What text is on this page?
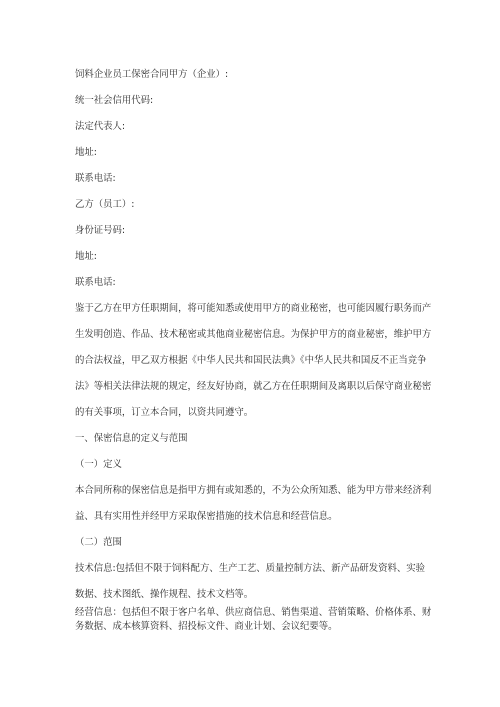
饲料企业员工保密合同甲方（企业）:

统一社会信用代码:

法定代表人:

地址:

联系电话:

乙方（员工）:

身份证号码:

地址:

联系电话:

鉴于乙方在甲方任职期间，将可能知悉或使用甲方的商业秘密，也可能因履行职务而产

生发明创造、作品、技术秘密或其他商业秘密信息。为保护甲方的商业秘密，维护甲方

的合法权益，甲乙双方根据《中华人民共和国民法典》《中华人民共和国反不正当竞争

法》等相关法律法规的规定，经友好协商，就乙方在任职期间及离职以后保守商业秘密

的有关事项，订立本合同，以资共同遵守。

一、保密信息的定义与范围

（一）定义

本合同所称的保密信息是指甲方拥有或知悉的，不为公众所知悉、能为甲方带来经济利

益、具有实用性并经甲方采取保密措施的技术信息和经营信息。

（二）范围

技术信息:包括但不限于饲料配方、生产工艺、质量控制方法、新产品研发资料、实验

数据、技术图纸、操作规程、技术文档等。

经营信息：包括但不限于客户名单、供应商信息、销售渠道、营销策略、价格体系、财

务数据、成本核算资料、招投标文件、商业计划、会议纪要等。
